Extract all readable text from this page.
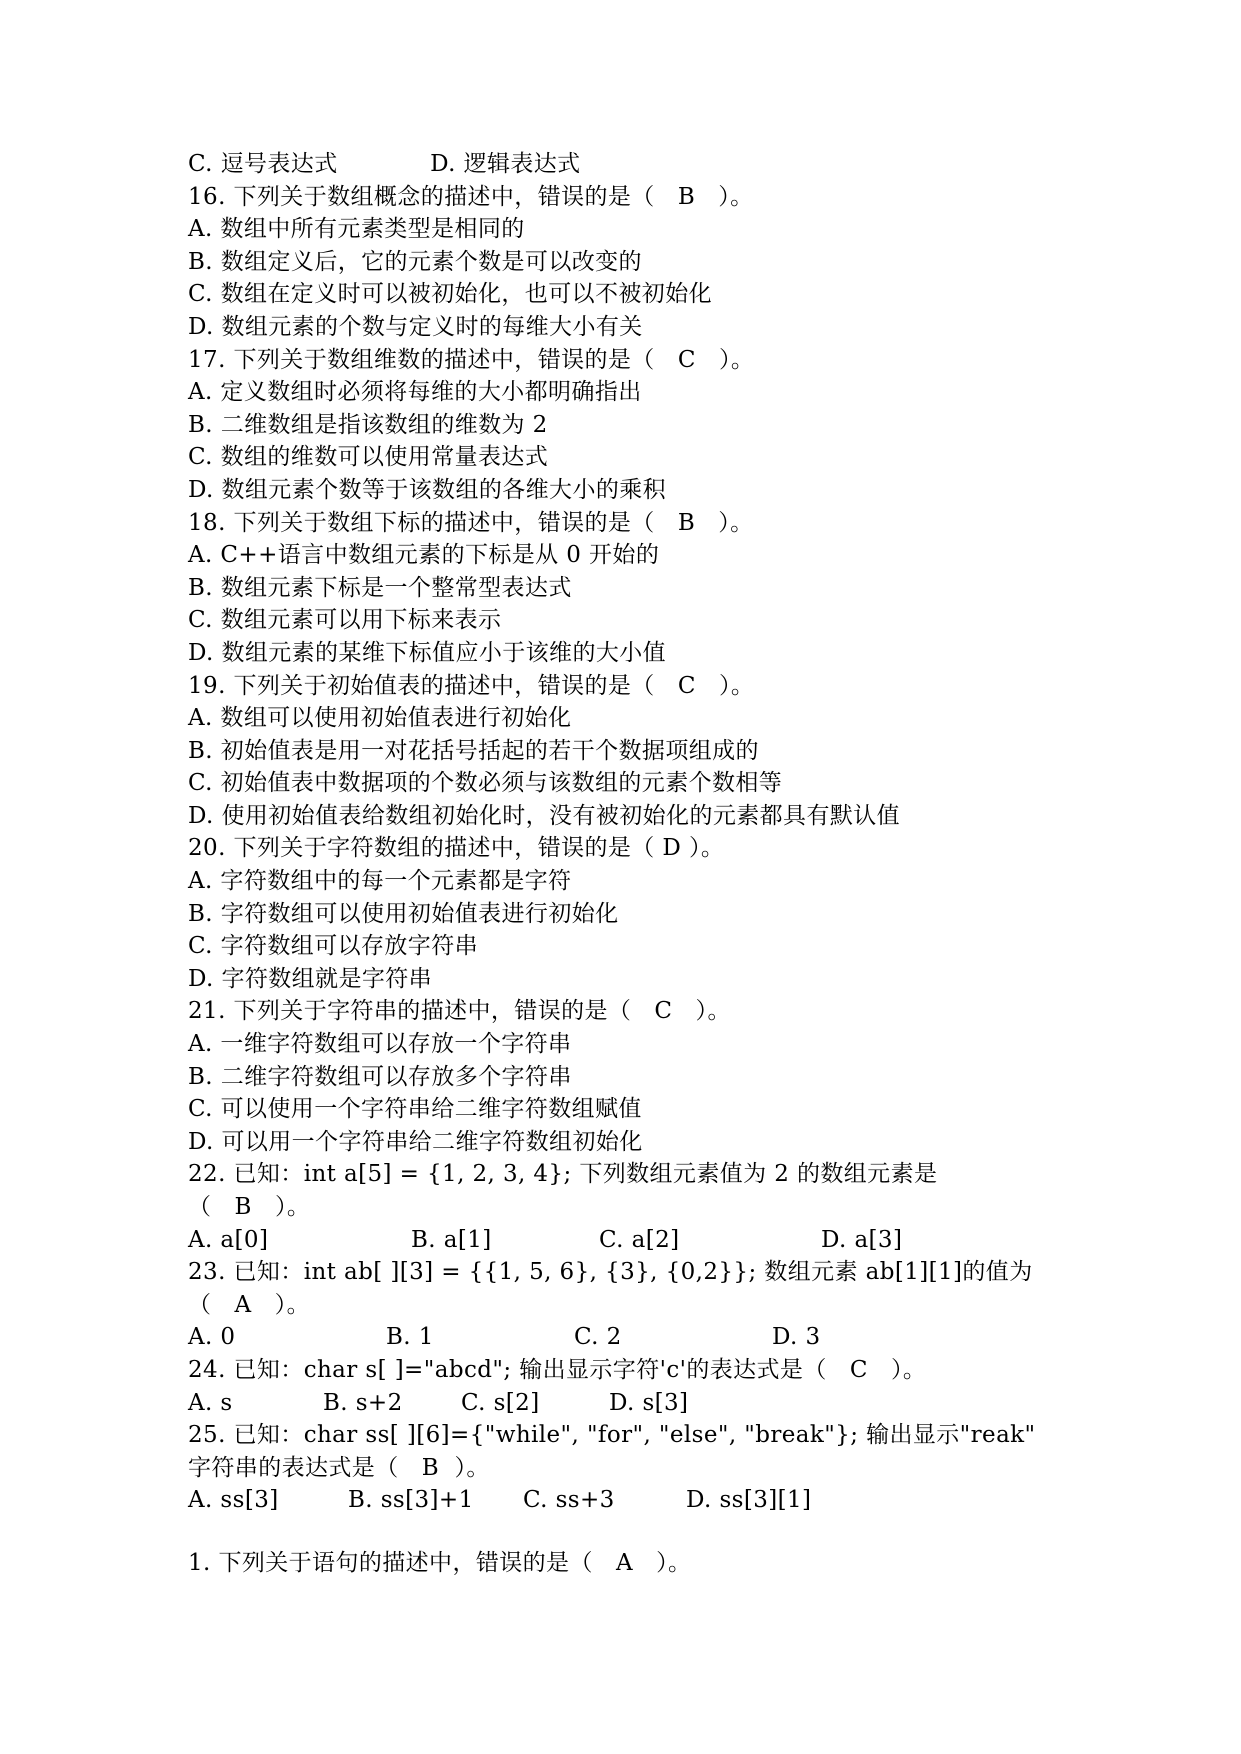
C. 逗号表达式            D. 逻辑表达式
16. 下列关于数组概念的描述中，错误的是（   B   ）。
A. 数组中所有元素类型是相同的
B. 数组定义后，它的元素个数是可以改变的
C. 数组在定义时可以被初始化，也可以不被初始化
D. 数组元素的个数与定义时的每维大小有关
17. 下列关于数组维数的描述中，错误的是（   C   ）。
A. 定义数组时必须将每维的大小都明确指出
B. 二维数组是指该数组的维数为 2
C. 数组的维数可以使用常量表达式
D. 数组元素个数等于该数组的各维大小的乘积
18. 下列关于数组下标的描述中，错误的是（   B   ）。
A. C++语言中数组元素的下标是从 0 开始的
B. 数组元素下标是一个整常型表达式
C. 数组元素可以用下标来表示
D. 数组元素的某维下标值应小于该维的大小值
19. 下列关于初始值表的描述中，错误的是（   C   ）。
A. 数组可以使用初始值表进行初始化
B. 初始值表是用一对花括号括起的若干个数据项组成的
C. 初始值表中数据项的个数必须与该数组的元素个数相等
D. 使用初始值表给数组初始化时，没有被初始化的元素都具有默认值
20. 下列关于字符数组的描述中，错误的是（ D ）。
A. 字符数组中的每一个元素都是字符
B. 字符数组可以使用初始值表进行初始化
C. 字符数组可以存放字符串
D. 字符数组就是字符串
21. 下列关于字符串的描述中，错误的是（   C   ）。
A. 一维字符数组可以存放一个字符串
B. 二维字符数组可以存放多个字符串
C. 可以使用一个字符串给二维字符数组赋值
D. 可以用一个字符串给二维字符数组初始化
22. 已知：int a[5] = {1, 2, 3, 4}; 下列数组元素值为 2 的数组元素是
（   B   ）。
A. a[0]	B. a[1]	C. a[2]	D. a[3]
23. 已知：int ab[ ][3] = {{1, 5, 6}, {3}, {0,2}}; 数组元素 ab[1][1]的值为
（   A   ）。
A. 0	B. 1	C. 2	D. 3
24. 已知：char s[ ]="abcd"; 输出显示字符'c'的表达式是（   C   ）。
A. s	B. s+2	C. s[2]	D. s[3]
25. 已知：char ss[ ][6]={"while", "for", "else", "break"}; 输出显示"reak"
字符串的表达式是（   B  ）。
A. ss[3]	B. ss[3]+1	C. ss+3	D. ss[3][1]
1. 下列关于语句的描述中，错误的是（   A   ）。
